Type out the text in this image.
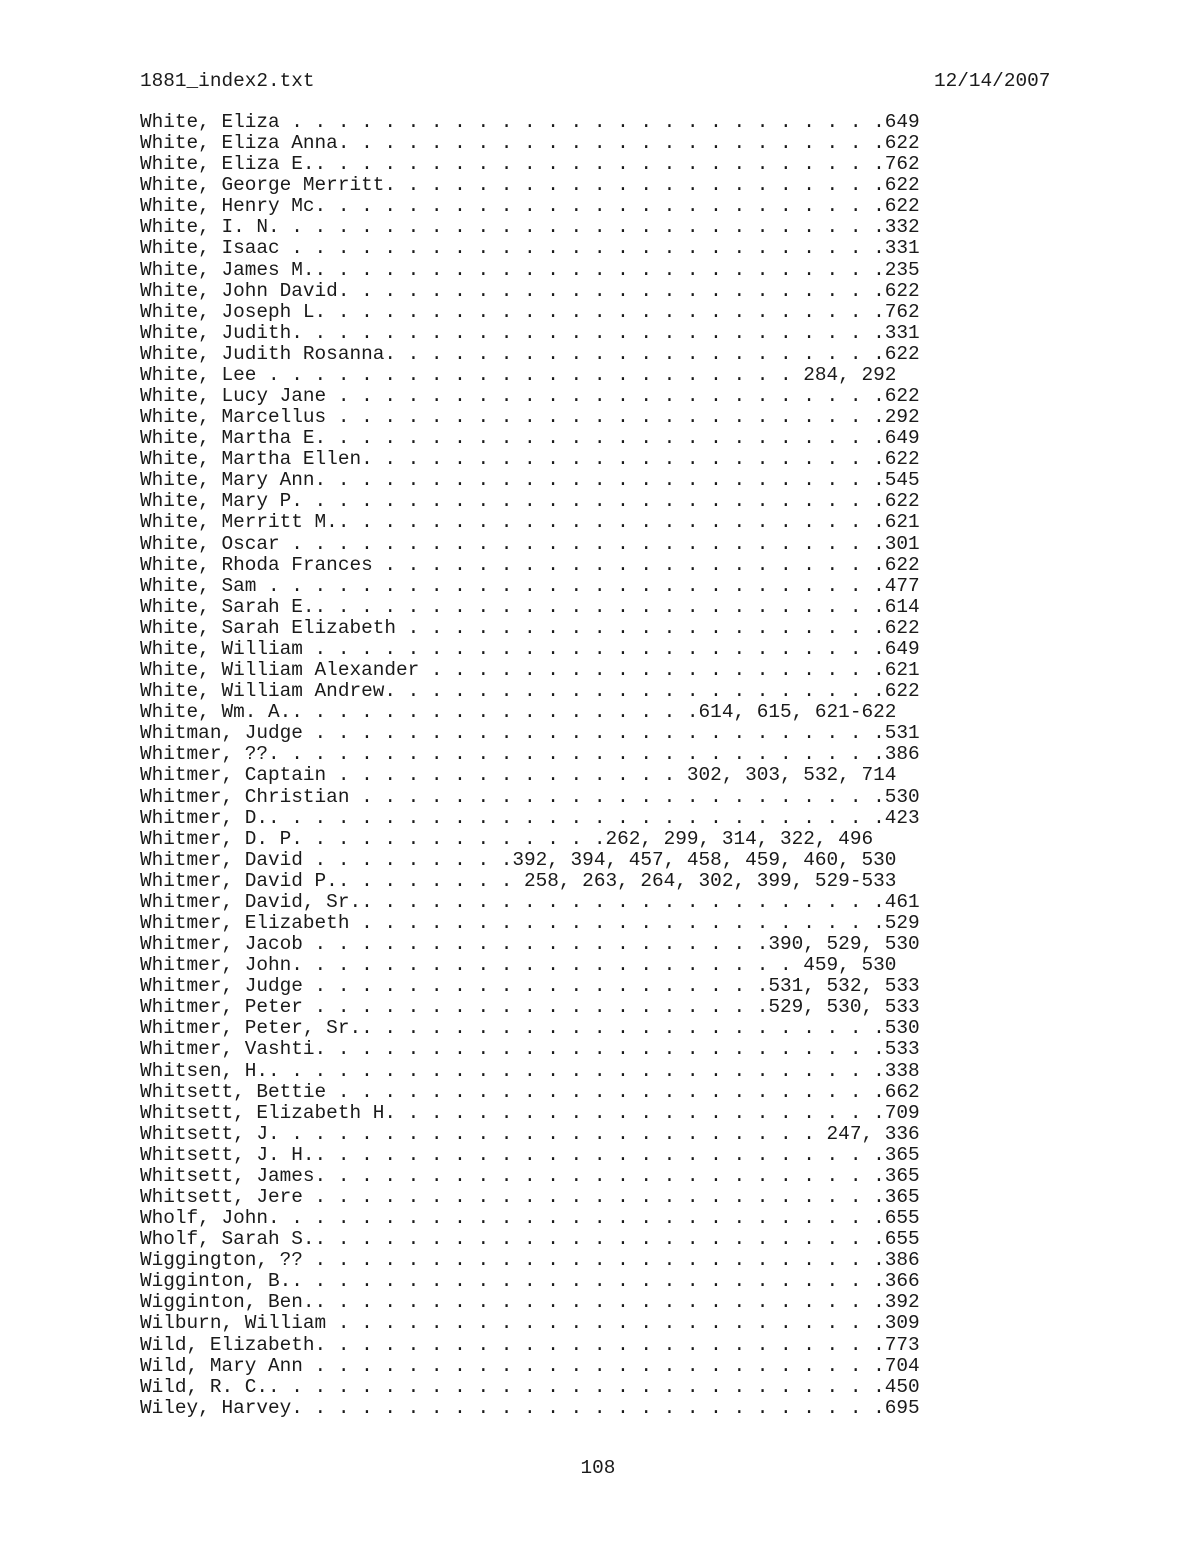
1881_index2.txt	12/14/2007
White, Eliza . . . . . . . . . . . . . . . . . . . . . . . . . .649
White, Eliza Anna. . . . . . . . . . . . . . . . . . . . . . . .622
White, Eliza E.. . . . . . . . . . . . . . . . . . . . . . . . .762
White, George Merritt. . . . . . . . . . . . . . . . . . . . . .622
White, Henry Mc. . . . . . . . . . . . . . . . . . . . . . . . .622
White, I. N. . . . . . . . . . . . . . . . . . . . . . . . . . .332
White, Isaac . . . . . . . . . . . . . . . . . . . . . . . . . .331
White, James M.. . . . . . . . . . . . . . . . . . . . . . . . .235
White, John David. . . . . . . . . . . . . . . . . . . . . . . .622
White, Joseph L. . . . . . . . . . . . . . . . . . . . . . . . .762
White, Judith. . . . . . . . . . . . . . . . . . . . . . . . . .331
White, Judith Rosanna. . . . . . . . . . . . . . . . . . . . . .622
White, Lee . . . . . . . . . . . . . . . . . . . . . . . 284, 292
White, Lucy Jane . . . . . . . . . . . . . . . . . . . . . . . .622
White, Marcellus . . . . . . . . . . . . . . . . . . . . . . . .292
White, Martha E. . . . . . . . . . . . . . . . . . . . . . . . .649
White, Martha Ellen. . . . . . . . . . . . . . . . . . . . . . .622
White, Mary Ann. . . . . . . . . . . . . . . . . . . . . . . . .545
White, Mary P. . . . . . . . . . . . . . . . . . . . . . . . . .622
White, Merritt M.. . . . . . . . . . . . . . . . . . . . . . . .621
White, Oscar . . . . . . . . . . . . . . . . . . . . . . . . . .301
White, Rhoda Frances . . . . . . . . . . . . . . . . . . . . . .622
White, Sam . . . . . . . . . . . . . . . . . . . . . . . . . . .477
White, Sarah E.. . . . . . . . . . . . . . . . . . . . . . . . .614
White, Sarah Elizabeth . . . . . . . . . . . . . . . . . . . . .622
White, William . . . . . . . . . . . . . . . . . . . . . . . . .649
White, William Alexander . . . . . . . . . . . . . . . . . . . .621
White, William Andrew. . . . . . . . . . . . . . . . . . . . . .622
White, Wm. A.. . . . . . . . . . . . . . . . . .614, 615, 621-622
Whitman, Judge . . . . . . . . . . . . . . . . . . . . . . . . .531
Whitmer, ??. . . . . . . . . . . . . . . . . . . . . . . . . . .386
Whitmer, Captain . . . . . . . . . . . . . . . 302, 303, 532, 714
Whitmer, Christian . . . . . . . . . . . . . . . . . . . . . . .530
Whitmer, D.. . . . . . . . . . . . . . . . . . . . . . . . . . .423
Whitmer, D. P. . . . . . . . . . . . . .262, 299, 314, 322, 496
Whitmer, David . . . . . . . . .392, 394, 457, 458, 459, 460, 530
Whitmer, David P.. . . . . . . . 258, 263, 264, 302, 399, 529-533
Whitmer, David, Sr.. . . . . . . . . . . . . . . . . . . . . . .461
Whitmer, Elizabeth . . . . . . . . . . . . . . . . . . . . . . .529
Whitmer, Jacob . . . . . . . . . . . . . . . . . . . .390, 529, 530
Whitmer, John. . . . . . . . . . . . . . . . . . . . . . 459, 530
Whitmer, Judge . . . . . . . . . . . . . . . . . . . .531, 532, 533
Whitmer, Peter . . . . . . . . . . . . . . . . . . . .529, 530, 533
Whitmer, Peter, Sr.. . . . . . . . . . . . . . . . . . . . . . .530
Whitmer, Vashti. . . . . . . . . . . . . . . . . . . . . . . . .533
Whitsen, H.. . . . . . . . . . . . . . . . . . . . . . . . . . .338
Whitsett, Bettie . . . . . . . . . . . . . . . . . . . . . . . .662
Whitsett, Elizabeth H. . . . . . . . . . . . . . . . . . . . . .709
Whitsett, J. . . . . . . . . . . . . . . . . . . . . . . . 247, 336
Whitsett, J. H.. . . . . . . . . . . . . . . . . . . . . . . . .365
Whitsett, James. . . . . . . . . . . . . . . . . . . . . . . . .365
Whitsett, Jere . . . . . . . . . . . . . . . . . . . . . . . . .365
Wholf, John. . . . . . . . . . . . . . . . . . . . . . . . . . .655
Wholf, Sarah S.. . . . . . . . . . . . . . . . . . . . . . . . .655
Wiggington, ?? . . . . . . . . . . . . . . . . . . . . . . . . .386
Wigginton, B.. . . . . . . . . . . . . . . . . . . . . . . . . .366
Wigginton, Ben.. . . . . . . . . . . . . . . . . . . . . . . . .392
Wilburn, William . . . . . . . . . . . . . . . . . . . . . . . .309
Wild, Elizabeth. . . . . . . . . . . . . . . . . . . . . . . . .773
Wild, Mary Ann . . . . . . . . . . . . . . . . . . . . . . . . .704
Wild, R. C.. . . . . . . . . . . . . . . . . . . . . . . . . . .450
Wiley, Harvey. . . . . . . . . . . . . . . . . . . . . . . . . .695
108
